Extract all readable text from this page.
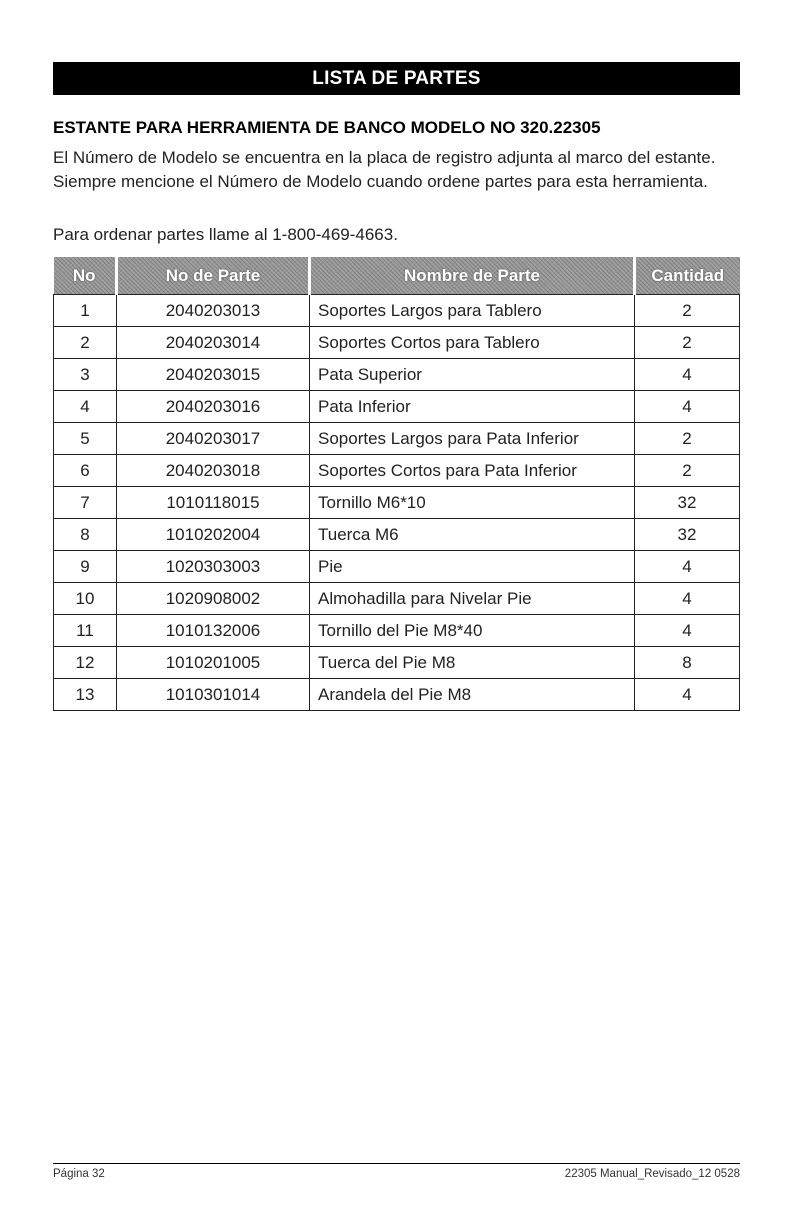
LISTA DE PARTES
ESTANTE PARA HERRAMIENTA DE BANCO MODELO NO 320.22305

El Número de Modelo se encuentra en la placa de registro adjunta al marco del estante. Siempre mencione el Número de Modelo cuando ordene partes para esta herramienta.

Para ordenar partes llame al 1-800-469-4663.

No	No de Parte	Nombre de Parte	Cantidad
1	2040203013	Soportes Largos para Tablero	2
2	2040203014	Soportes Cortos para Tablero	2
3	2040203015	Pata Superior	4
4	2040203016	Pata Inferior	4
5	2040203017	Soportes Largos para Pata Inferior	2
6	2040203018	Soportes Cortos para Pata Inferior	2
7	1010118015	Tornillo M6*10	32
8	1010202004	Tuerca M6	32
9	1020303003	Pie	4
10	1020908002	Almohadilla para Nivelar Pie	4
11	1010132006	Tornillo del Pie M8*40	4
12	1010201005	Tuerca del Pie M8	8
13	1010301014	Arandela del Pie M8	4
Página 32	22305 Manual_Revisado_12 0528
